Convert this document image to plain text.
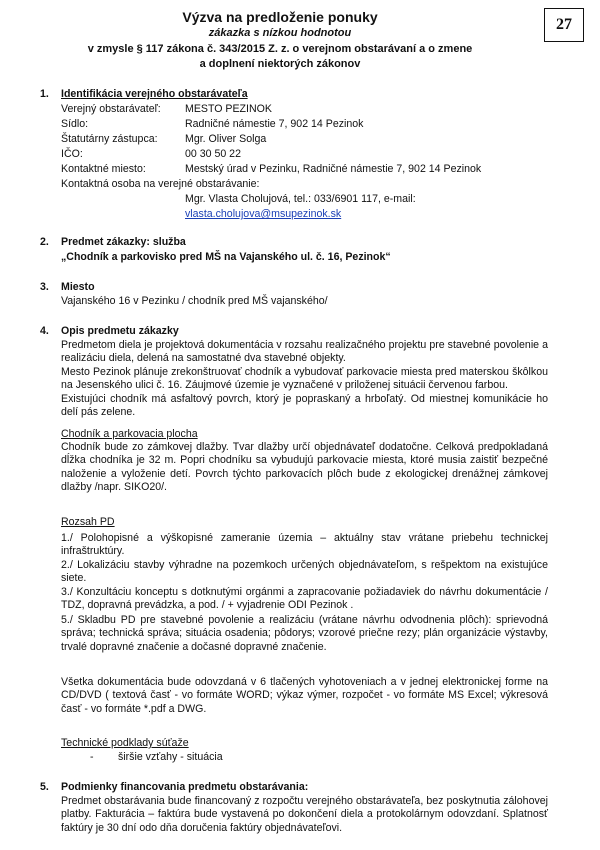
27
Výzva na predloženie ponuky
zákazka s nízkou hodnotou
v zmysle § 117 zákona č. 343/2015 Z. z. o verejnom obstarávaní a o zmene
a doplnení niektorých zákonov
1. Identifikácia verejného obstarávateľa
Verejný obstarávateľ: MESTO PEZINOK
Sídlo:	Radničné námestie 7, 902 14 Pezinok
Štatutárny zástupca:	Mgr. Oliver Solga
IČO:	00 30 50 22
Kontaktné miesto:	Mestský úrad v Pezinku, Radničné námestie 7, 902 14 Pezinok
Kontaktná osoba na verejné obstarávanie:
Mgr. Vlasta Cholujová, tel.: 033/6901 117, e-mail:
vlasta.cholujova@msupezinok.sk
2. Predmet zákazky: služba
„Chodník a parkovisko pred MŠ na Vajanského ul. č. 16, Pezinok“
3. Miesto
Vajanského 16 v Pezinku / chodník pred MŠ vajanského/
4. Opis predmetu zákazky
Predmetom diela je projektová dokumentácia v rozsahu realizačného projektu pre stavebné povolenie a realizáciu diela, delená na samostatné dva stavebné objekty.
Mesto Pezinok plánuje zrekonštruovať chodník a vybudovať parkovacie miesta pred materskou škôlkou na Jesenského ulici č. 16. Záujmové územie je vyznačené v priloženej situácii červenou farbou.
Existujúci chodník má asfaltový povrch, ktorý je popraskaný a hrboľatý. Od miestnej komunikácie ho delí pás zelene.
Chodník a parkovacia plocha
Chodník bude zo zámkovej dlažby. Tvar dlažby určí objednávateľ dodatočne. Celková predpokladaná dĺžka chodníka je 32 m. Popri chodníku sa vybudujú parkovacie miesta, ktoré musia zaistiť bezpečné naloženie a vyloženie detí. Povrch týchto parkovacích plôch bude z ekologickej drenážnej zámkovej dlažby /napr. SIKO20/.
Rozsah PD
1./ Polohopisné a výškopisné zameranie územia – aktuálny stav vrátane priebehu technickej infraštruktúry.
2./ Lokalizáciu stavby výhradne na pozemkoch určených objednávateľom, s rešpektom na existujúce siete.
3./ Konzultáciu konceptu s dotknutými orgánmi a zapracovanie požiadaviek do návrhu dokumentácie / TDZ, dopravná prevádzka, a pod. / + vyjadrenie ODI Pezinok .
5./ Skladbu PD pre stavebné povolenie a realizáciu (vrátane návrhu odvodnenia plôch): sprievodná správa; technická správa; situácia osadenia; pôdorys; vzorové priečne rezy; plán organizácie výstavby, trvalé dopravné značenie a dočasné dopravné značenie.
Všetka dokumentácia bude odovzdaná v 6 tlačených vyhotoveniach a v jednej elektronickej forme na CD/DVD ( textová časť - vo formáte WORD; výkaz výmer, rozpočet - vo formáte MS Excel; výkresová časť - vo formáte *.pdf a DWG.
Technické podklady súťaže
- širšie vzťahy - situácia
5. Podmienky financovania predmetu obstarávania:
Predmet obstarávania bude financovaný z rozpočtu verejného obstarávateľa, bez poskytnutia zálohovej platby. Fakturácia – faktúra bude vystavená po dokončení diela a protokolárnym odovzdaní. Splatnosť faktúry je 30 dní odo dňa doručenia faktúry objednávateľovi.
